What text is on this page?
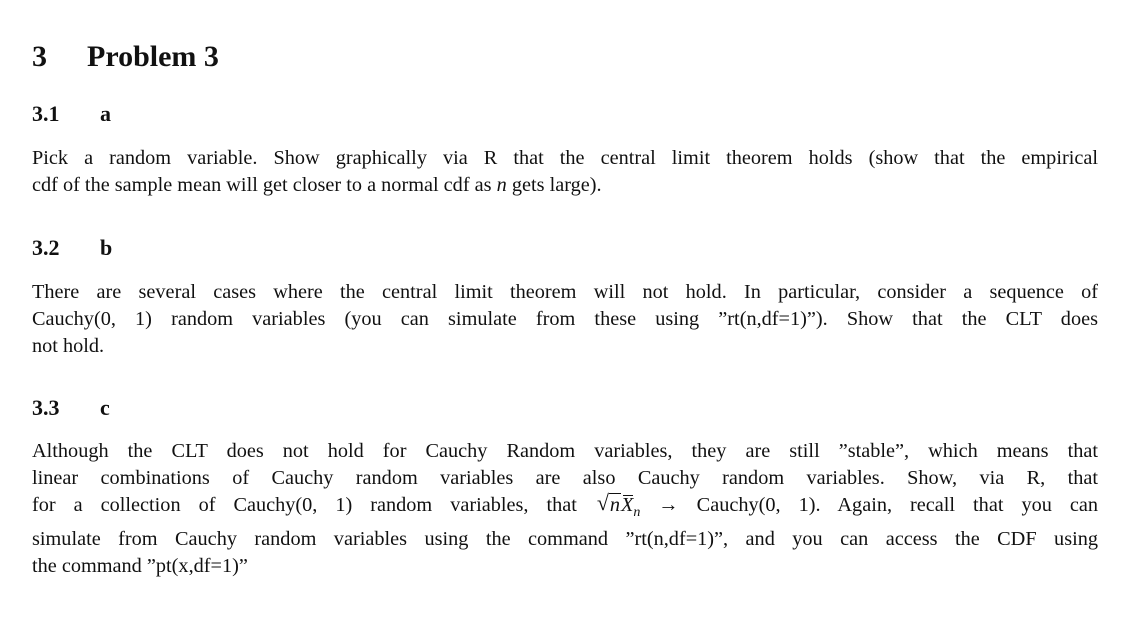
3 Problem 3
3.1 a
Pick a random variable. Show graphically via R that the central limit theorem holds (show that the empirical
cdf of the sample mean will get closer to a normal cdf as n gets large).
3.2 b
There are several cases where the central limit theorem will not hold. In particular, consider a sequence of
Cauchy(0, 1) random variables (you can simulate from these using ”rt(n,df=1)”). Show that the CLT does
not hold.
3.3 c
Although the CLT does not hold for Cauchy Random variables, they are still ”stable”, which means that
linear combinations of Cauchy random variables are also Cauchy random variables. Show, via R, that
for a collection of Cauchy(0, 1) random variables, that √ n
$X_n$ → Cauchy(0, 1). Again, recall that you can
simulate from Cauchy random variables using the command ”rt(n,df=1)”, and you can access the CDF using
the command ”pt(x,df=1)”
